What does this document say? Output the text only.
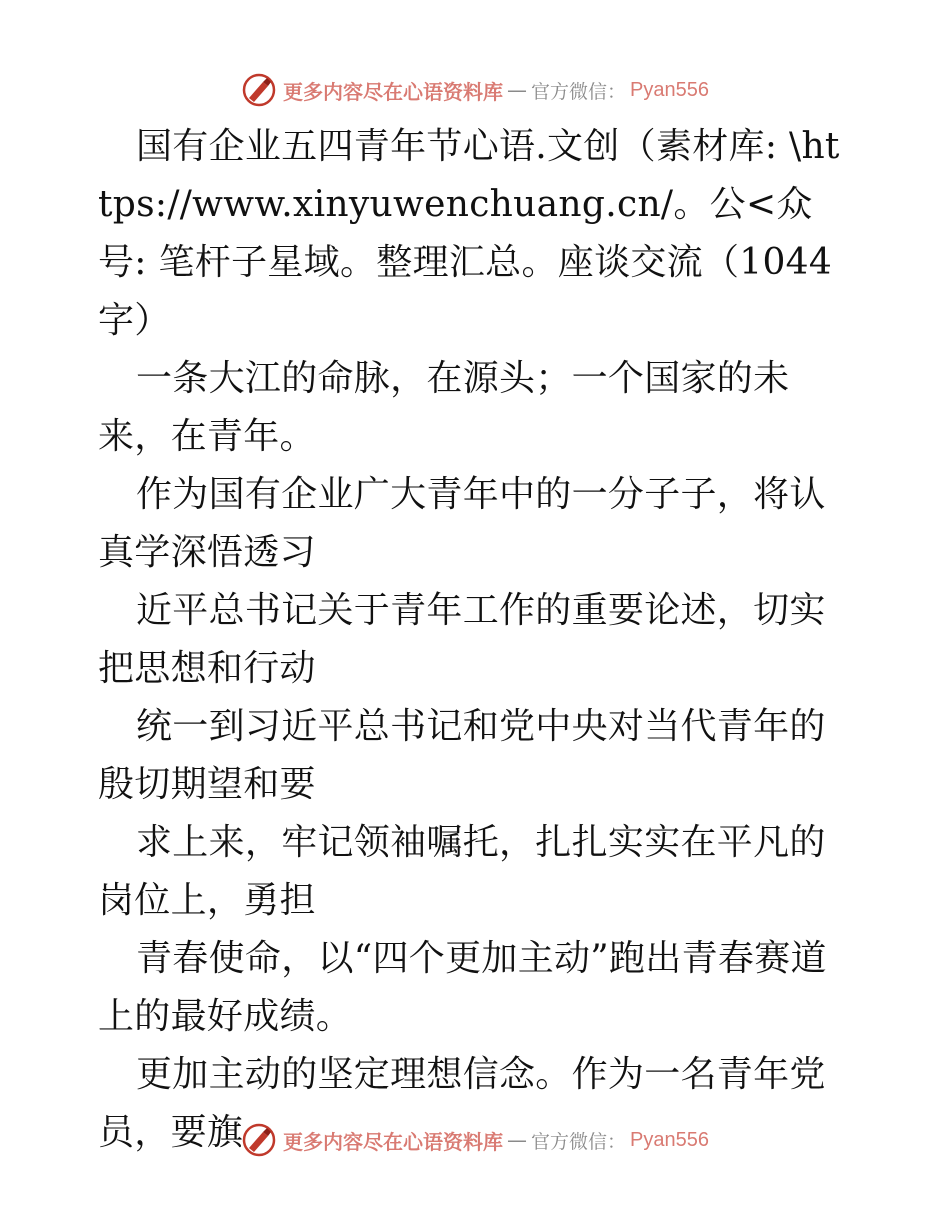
更多内容尽在心语资料库 — 官方微信： Pyan556

国有企业五四青年节心语.文创（素材库: \https://www.xinyuwenchuang.cn/。公<众号: 笔杆子星域。整理汇总。座谈交流（1044 字）

一条大江的命脉，在源头；一个国家的未来，在青年。

作为国有企业广大青年中的一分子子，将认真学深悟透习

近平总书记关于青年工作的重要论述，切实把思想和行动

统一到习近平总书记和党中央对当代青年的殷切期望和要

求上来，牢记领袖嘱托，扎扎实实在平凡的岗位上，勇担

青春使命，以“四个更加主动”跑出青春赛道上的最好成绩。

更加主动的坚定理想信念。作为一名青年党员，要旗	更多内容尽在心语资料库 — 官方微信： Pyan556
